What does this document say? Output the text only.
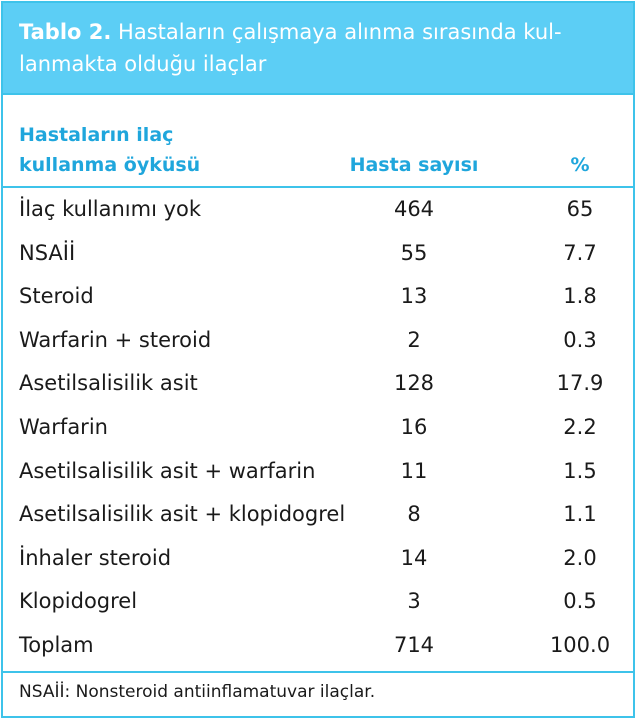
Tablo 2. Hastaların çalışmaya alınma sırasında kul-
lanmakta olduğu ilaçlar

Hastaların ilaç
kullanma öyküsü	Hasta sayısı	%
İlaç kullanımı yok	464	65
NSAİİ	55	7.7
Steroid	13	1.8
Warfarin + steroid	2	0.3
Asetilsalisilik asit	128	17.9
Warfarin	16	2.2
Asetilsalisilik asit + warfarin	11	1.5
Asetilsalisilik asit + klopidogrel	8	1.1
İnhaler steroid	14	2.0
Klopidogrel	3	0.5
Toplam	714	100.0
NSAİİ: Nonsteroid antiinflamatuvar ilaçlar.
